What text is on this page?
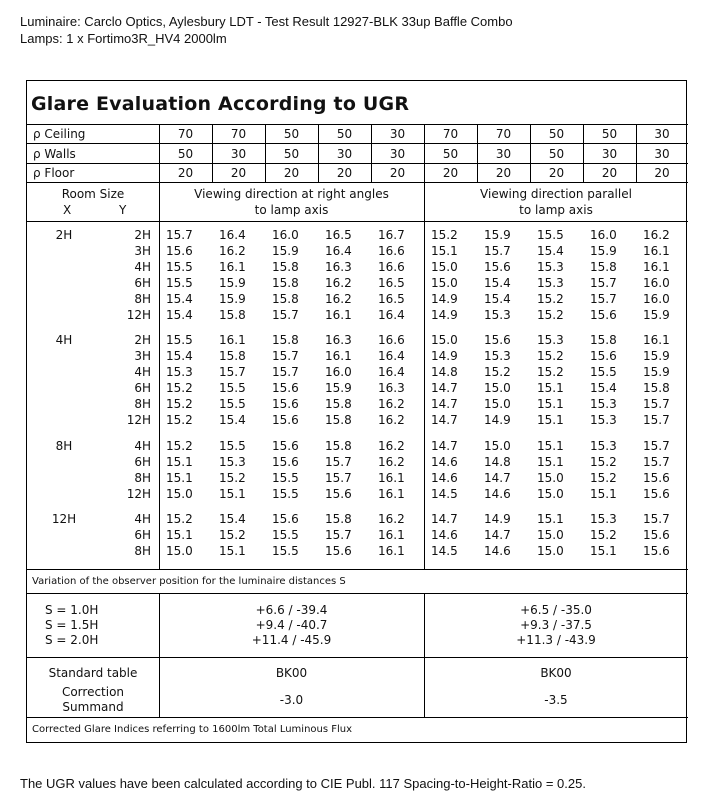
Luminaire: Carclo Optics, Aylesbury LDT - Test Result 12927-BLK 33up Baffle Combo
Lamps: 1 x Fortimo3R_HV4 2000lm
Glare Evaluation According to UGR
ρ Ceiling	70	70	50	50	30	70	70	50	50	30
ρ Walls	50	30	50	30	30	50	30	50	30	30
ρ Floor	20	20	20	20	20	20	20	20	20	20
Room Size
X	Y
Viewing direction at right angles
to lamp axis
Viewing direction parallel
to lamp axis
2H	2H 15.7 16.4 16.0 16.5 16.7 15.2 15.9 15.5 16.0 16.2
3H 15.6 16.2 15.9 16.4 16.6 15.1 15.7 15.4 15.9 16.1
4H 15.5 16.1 15.8 16.3 16.6 15.0 15.6 15.3 15.8 16.1
6H 15.5 15.9 15.8 16.2 16.5 15.0 15.4 15.3 15.7 16.0
8H 15.4 15.9 15.8 16.2 16.5 14.9 15.4 15.2 15.7 16.0
12H 15.4 15.8 15.7 16.1 16.4 14.9 15.3 15.2 15.6 15.9
4H	2H 15.5 16.1 15.8 16.3 16.6 15.0 15.6 15.3 15.8 16.1
3H 15.4 15.8 15.7 16.1 16.4 14.9 15.3 15.2 15.6 15.9
4H 15.3 15.7 15.7 16.0 16.4 14.8 15.2 15.2 15.5 15.9
6H 15.2 15.5 15.6 15.9 16.3 14.7 15.0 15.1 15.4 15.8
8H 15.2 15.5 15.6 15.8 16.2 14.7 15.0 15.1 15.3 15.7
12H 15.2 15.4 15.6 15.8 16.2 14.7 14.9 15.1 15.3 15.7
8H	4H 15.2 15.5 15.6 15.8 16.2 14.7 15.0 15.1 15.3 15.7
6H 15.1 15.3 15.6 15.7 16.2 14.6 14.8 15.1 15.2 15.7
8H 15.1 15.2 15.5 15.7 16.1 14.6 14.7 15.0 15.2 15.6
12H 15.0 15.1 15.5 15.6 16.1 14.5 14.6 15.0 15.1 15.6
12H	4H 15.2 15.4 15.6 15.8 16.2 14.7 14.9 15.1 15.3 15.7
6H 15.1 15.2 15.5 15.7 16.1 14.6 14.7 15.0 15.2 15.6
8H 15.0 15.1 15.5 15.6 16.1 14.5 14.6 15.0 15.1 15.6
Variation of the observer position for the luminaire distances S
S = 1.0H	+6.6 / -39.4	+6.5 / -35.0
S = 1.5H	+9.4 / -40.7	+9.3 / -37.5
S = 2.0H	+11.4 / -45.9	+11.3 / -43.9
Standard table	BK00	BK00
Correction
Summand	-3.0	-3.5
Corrected Glare Indices referring to 1600lm Total Luminous Flux
The UGR values have been calculated according to CIE Publ. 117 Spacing-to-Height-Ratio = 0.25.
